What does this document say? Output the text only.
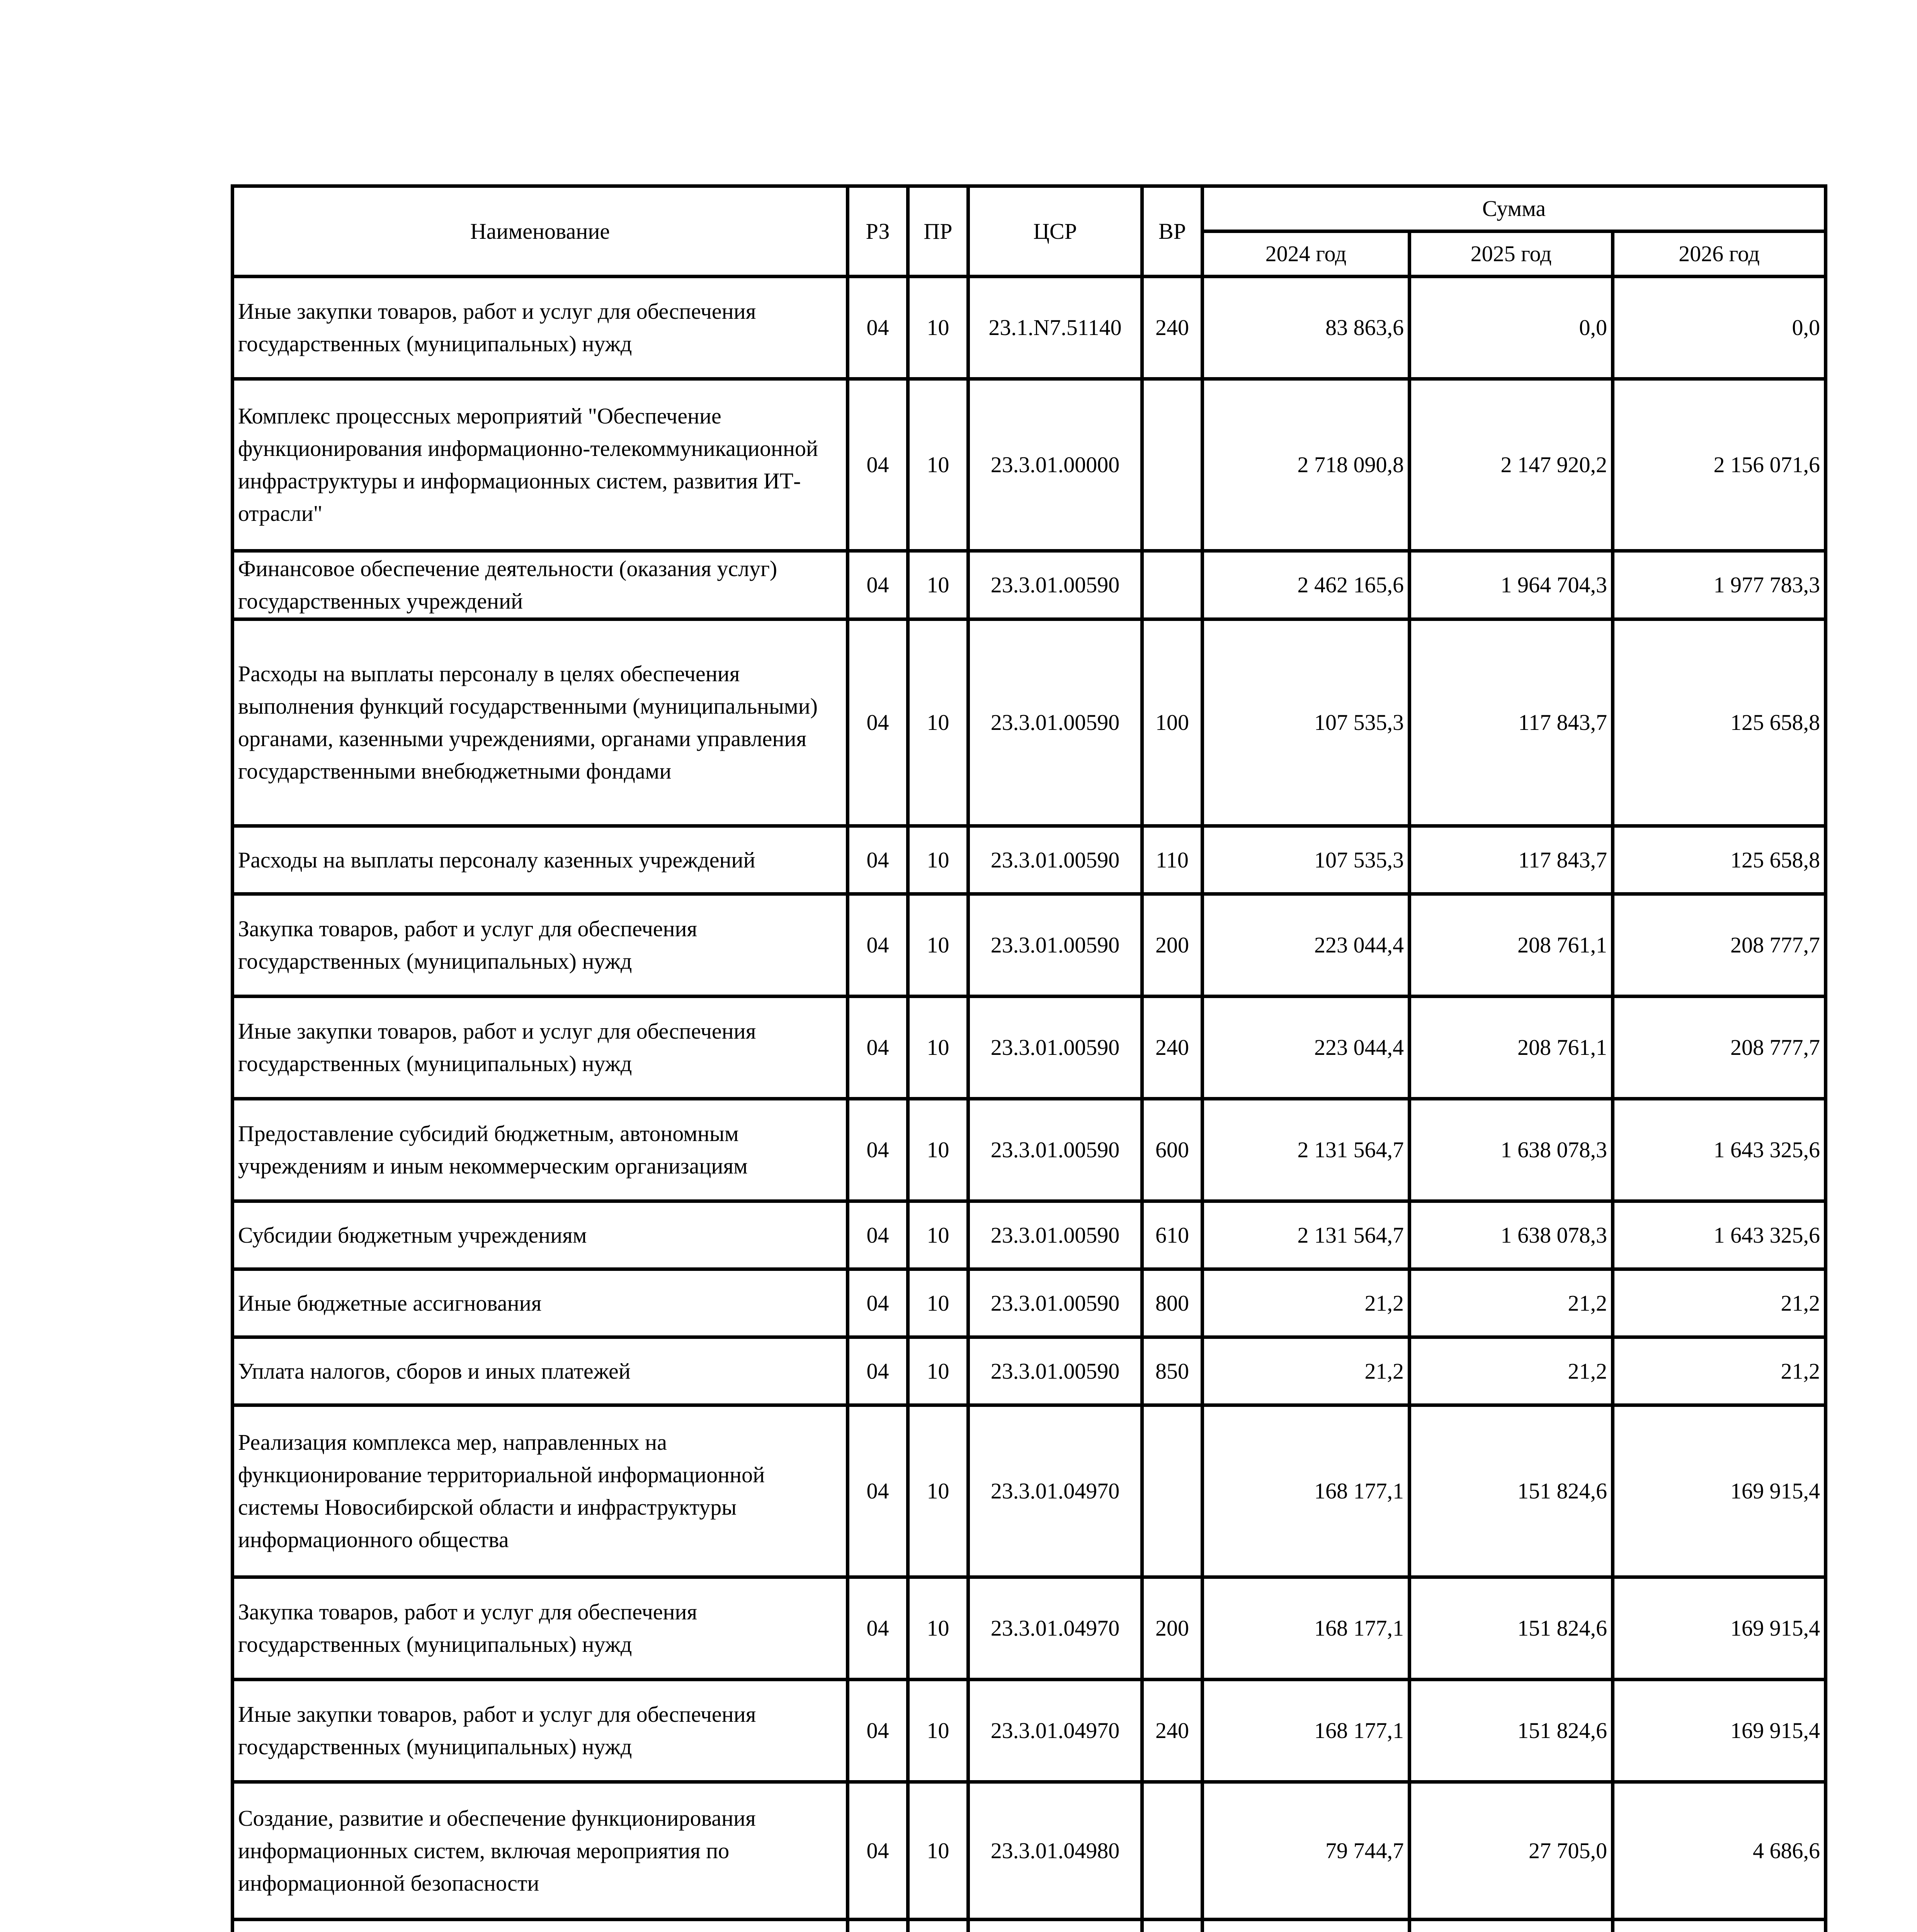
Наименование	РЗ	ПР	ЦСР	ВР	Сумма		
					2024 год	2025 год	2026 год
Иные закупки товаров, работ и услуг для обеспечения государственных (муниципальных) нужд	04	10	23.1.N7.51140	240	83 863,6	0,0	0,0
Комплекс процессных мероприятий "Обеспечение функционирования информационно-телекоммуникационной инфраструктуры и информационных систем, развития ИТ-отрасли"	04	10	23.3.01.00000		2 718 090,8	2 147 920,2	2 156 071,6
Финансовое обеспечение деятельности (оказания услуг) государственных учреждений	04	10	23.3.01.00590		2 462 165,6	1 964 704,3	1 977 783,3
Расходы на выплаты персоналу в целях обеспечения выполнения функций государственными (муниципальными) органами, казенными учреждениями, органами управления государственными внебюджетными фондами	04	10	23.3.01.00590	100	107 535,3	117 843,7	125 658,8
Расходы на выплаты персоналу казенных учреждений	04	10	23.3.01.00590	110	107 535,3	117 843,7	125 658,8
Закупка товаров, работ и услуг для обеспечения государственных (муниципальных) нужд	04	10	23.3.01.00590	200	223 044,4	208 761,1	208 777,7
Иные закупки товаров, работ и услуг для обеспечения государственных (муниципальных) нужд	04	10	23.3.01.00590	240	223 044,4	208 761,1	208 777,7
Предоставление субсидий бюджетным, автономным учреждениям и иным некоммерческим организациям	04	10	23.3.01.00590	600	2 131 564,7	1 638 078,3	1 643 325,6
Субсидии бюджетным учреждениям	04	10	23.3.01.00590	610	2 131 564,7	1 638 078,3	1 643 325,6
Иные бюджетные ассигнования	04	10	23.3.01.00590	800	21,2	21,2	21,2
Уплата налогов, сборов и иных платежей	04	10	23.3.01.00590	850	21,2	21,2	21,2
Реализация комплекса мер, направленных на функционирование территориальной информационной системы Новосибирской области и инфраструктуры информационного общества	04	10	23.3.01.04970		168 177,1	151 824,6	169 915,4
Закупка товаров, работ и услуг для обеспечения государственных (муниципальных) нужд	04	10	23.3.01.04970	200	168 177,1	151 824,6	169 915,4
Иные закупки товаров, работ и услуг для обеспечения государственных (муниципальных) нужд	04	10	23.3.01.04970	240	168 177,1	151 824,6	169 915,4
Создание, развитие и обеспечение функционирования информационных систем, включая мероприятия по информационной безопасности	04	10	23.3.01.04980		79 744,7	27 705,0	4 686,6
